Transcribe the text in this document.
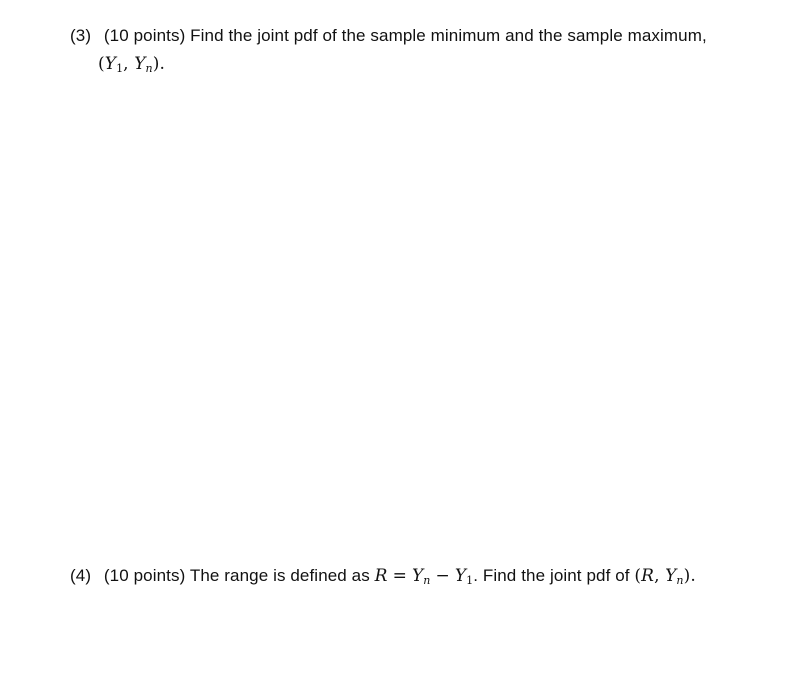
(3) (10 points) Find the joint pdf of the sample minimum and the sample maximum,
($Y_1$, $Y_n$).
(4) (10 points) The range is defined as $R = Y_n - Y_1$. Find the joint pdf of (R, $Y_n$).
